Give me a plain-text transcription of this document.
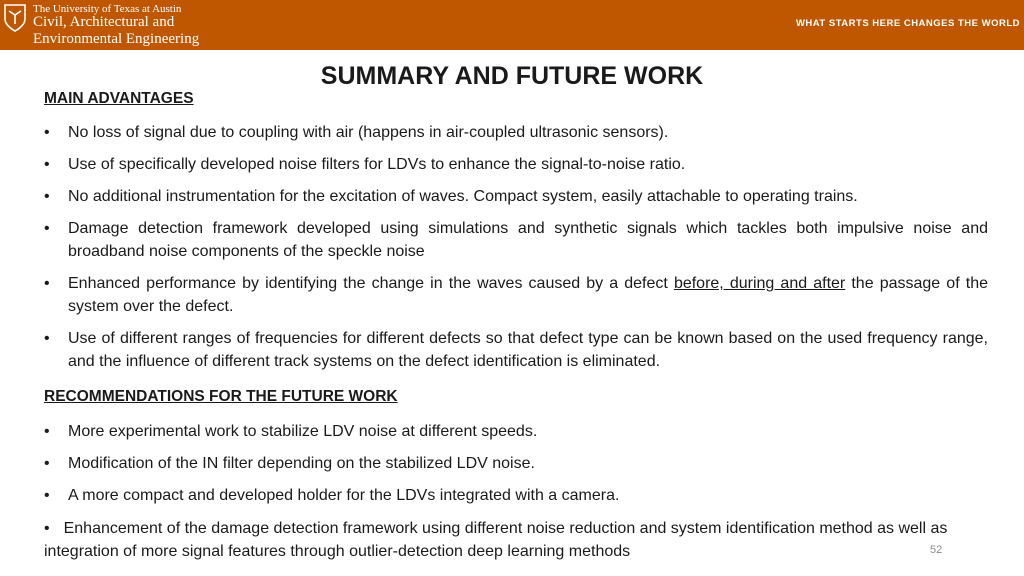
The University of Texas at Austin
Civil, Architectural and
Environmental Engineering
WHAT STARTS HERE CHANGES THE WORLD
SUMMARY AND FUTURE WORK
MAIN ADVANTAGES
• No loss of signal due to coupling with air (happens in air-coupled ultrasonic sensors).
• Use of specifically developed noise filters for LDVs to enhance the signal-to-noise ratio.
• No additional instrumentation for the excitation of waves. Compact system, easily attachable to operating trains.
• Damage detection framework developed using simulations and synthetic signals which tackles both impulsive noise and broadband noise components of the speckle noise
• Enhanced performance by identifying the change in the waves caused by a defect before, during and after the passage of the system over the defect.
• Use of different ranges of frequencies for different defects so that defect type can be known based on the used frequency range, and the influence of different track systems on the defect identification is eliminated.
RECOMMENDATIONS FOR THE FUTURE WORK
• More experimental work to stabilize LDV noise at different speeds.
• Modification of the IN filter depending on the stabilized LDV noise.
• A more compact and developed holder for the LDVs integrated with a camera.
• Enhancement of the damage detection framework using different noise reduction and system identification method as well as integration of more signal features through outlier-detection deep learning methods	52
